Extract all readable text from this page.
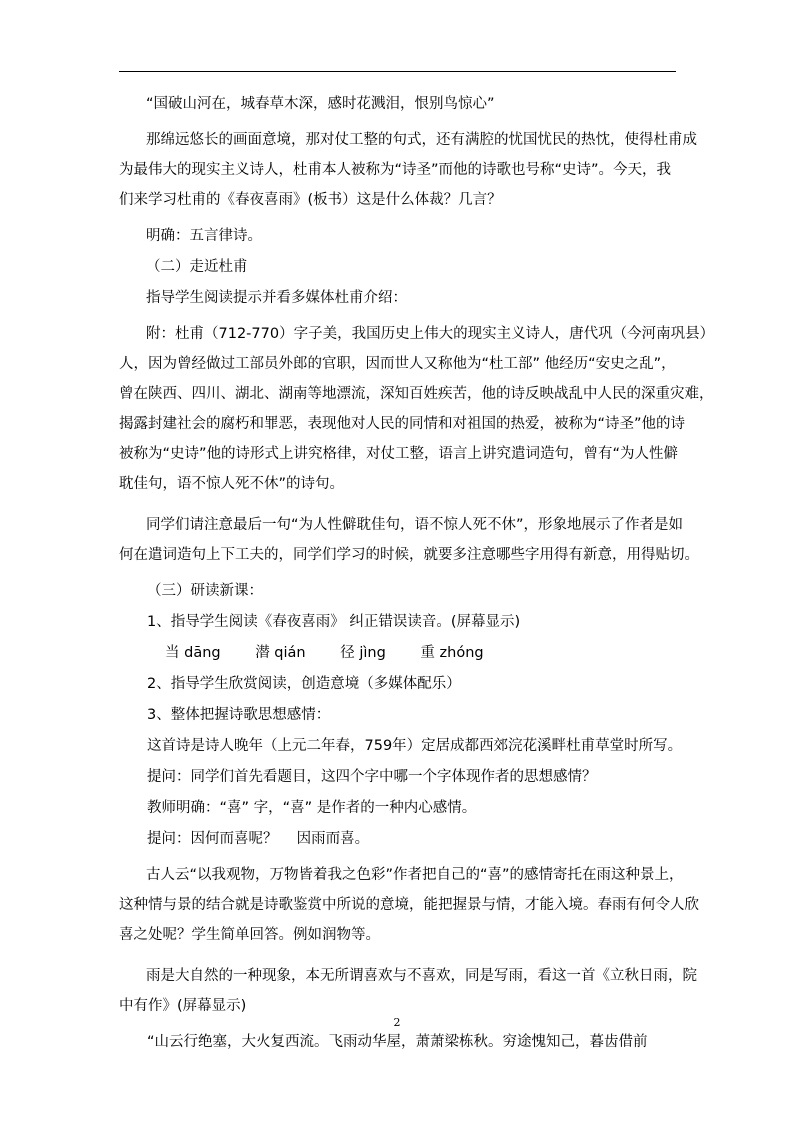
“国破山河在，城春草木深，感时花溅泪，恨别鸟惊心”
那绵远悠长的画面意境，那对仗工整的句式，还有满腔的忧国忧民的热忱，使得杜甫成
为最伟大的现实主义诗人，杜甫本人被称为“诗圣”而他的诗歌也号称“史诗”。今天，我
们来学习杜甫的《春夜喜雨》(板书）这是什么体裁？几言？
明确：五言律诗。
（二）走近杜甫
指导学生阅读提示并看多媒体杜甫介绍：
附：杜甫（712-770）字子美，我国历史上伟大的现实主义诗人，唐代巩（今河南巩县）
人，因为曾经做过工部员外郎的官职，因而世人又称他为“杜工部” 他经历“安史之乱”，
曾在陕西、四川、湖北、湖南等地漂流，深知百姓疾苦，他的诗反映战乱中人民的深重灾难，
揭露封建社会的腐朽和罪恶，表现他对人民的同情和对祖国的热爱，被称为“诗圣”他的诗
被称为“史诗”他的诗形式上讲究格律，对仗工整，语言上讲究遣词造句，曾有“为人性僻
耽佳句，语不惊人死不休”的诗句。
同学们请注意最后一句“为人性僻耽佳句，语不惊人死不休”，形象地展示了作者是如
何在遣词造句上下工夫的，同学们学习的时候，就要多注意哪些字用得有新意，用得贴切。
（三）研读新课：
1、指导学生阅读《春夜喜雨》 纠正错误读音。(屏幕显示)
当 dāng 潜 qián 径 jìng 重 zhóng
2、指导学生欣赏阅读，创造意境（多媒体配乐）
3、整体把握诗歌思想感情：
这首诗是诗人晚年（上元二年春，759年）定居成都西郊浣花溪畔杜甫草堂时所写。
提问：同学们首先看题目，这四个字中哪一个字体现作者的思想感情？
教师明确：“喜” 字，“喜” 是作者的一种内心感情。
提问：因何而喜呢？　 因雨而喜。
古人云“以我观物，万物皆着我之色彩”作者把自己的“喜”的感情寄托在雨这种景上，
这种情与景的结合就是诗歌鉴赏中所说的意境，能把握景与情，才能入境。春雨有何令人欣
喜之处呢？学生简单回答。例如润物等。
雨是大自然的一种现象，本无所谓喜欢与不喜欢，同是写雨，看这一首《立秋日雨，院
中有作》(屏幕显示)
“山云行绝塞，大火复西流。飞雨动华屋，萧萧梁栋秋。穷途愧知己，暮齿借前
2
